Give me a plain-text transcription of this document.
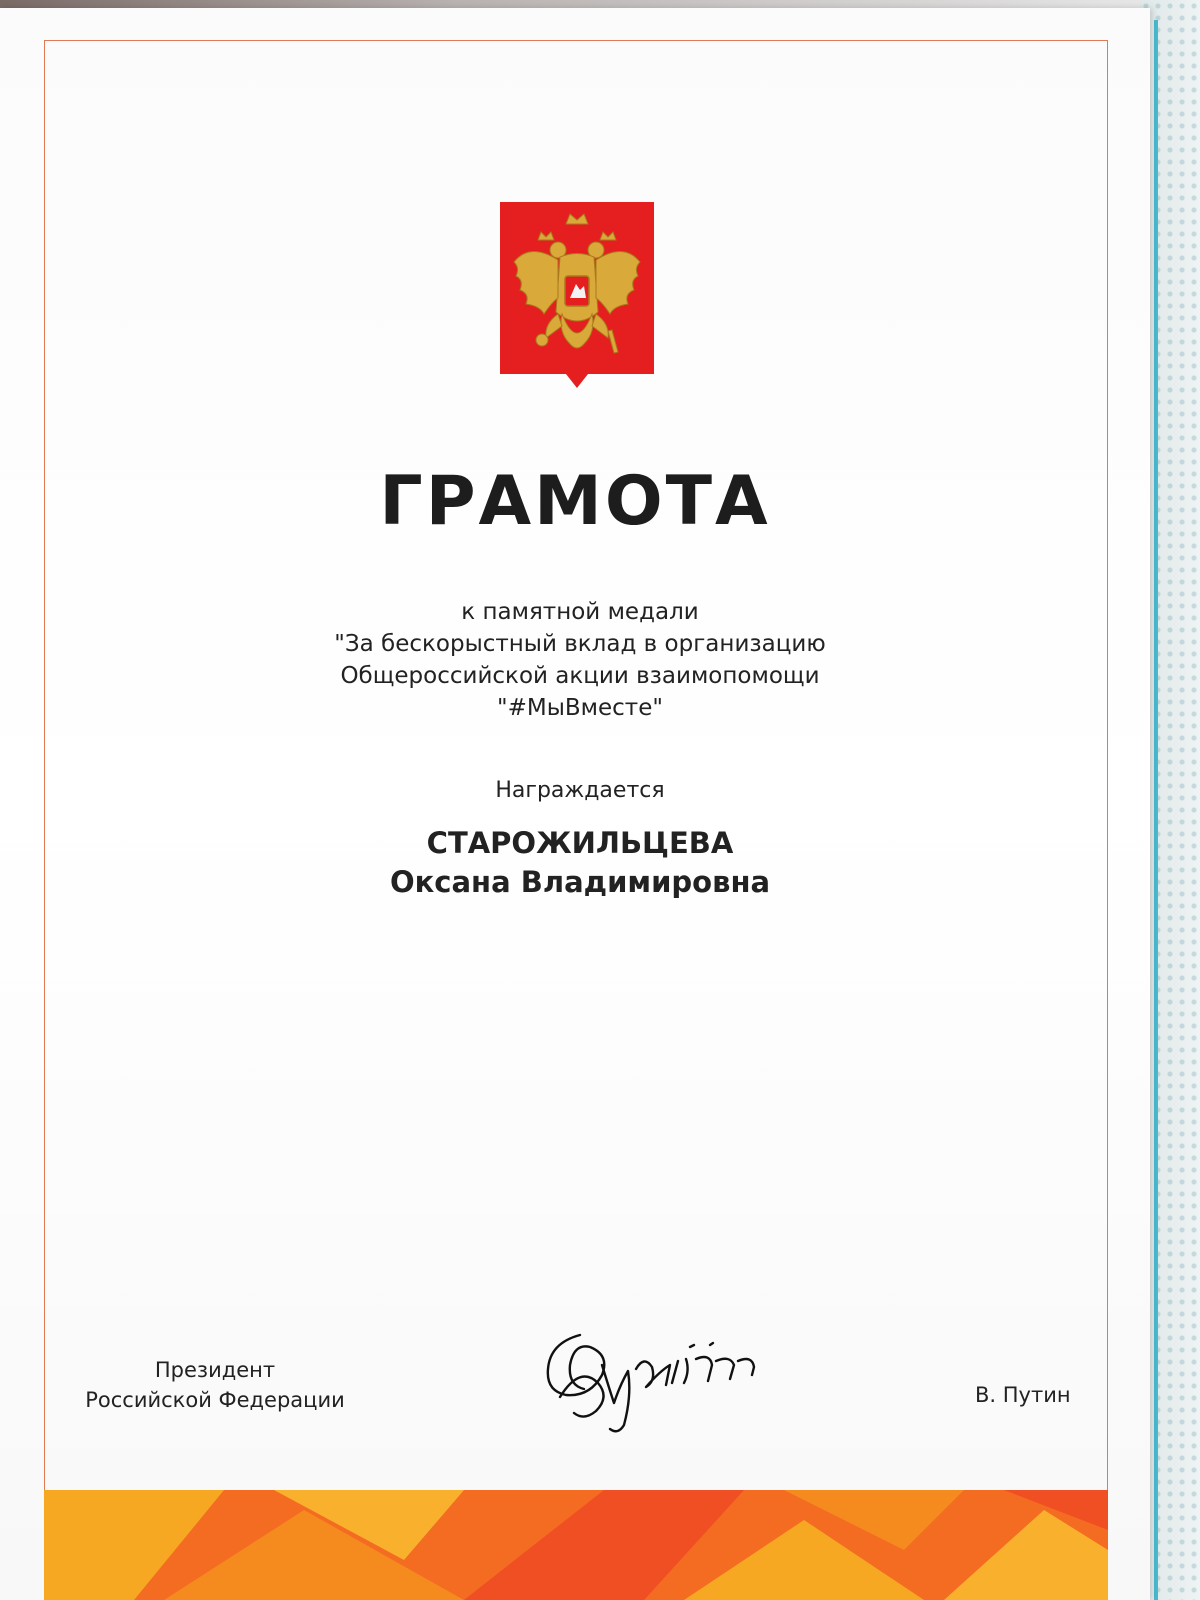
ГРАМОТА
к памятной медали
"За бескорыстный вклад в организацию
Общероссийской акции взаимопомощи
"#МыВместе"
Награждается
СТАРОЖИЛЬЦЕВА
Оксана Владимировна
Президент
Российской Федерации	В. Путин
